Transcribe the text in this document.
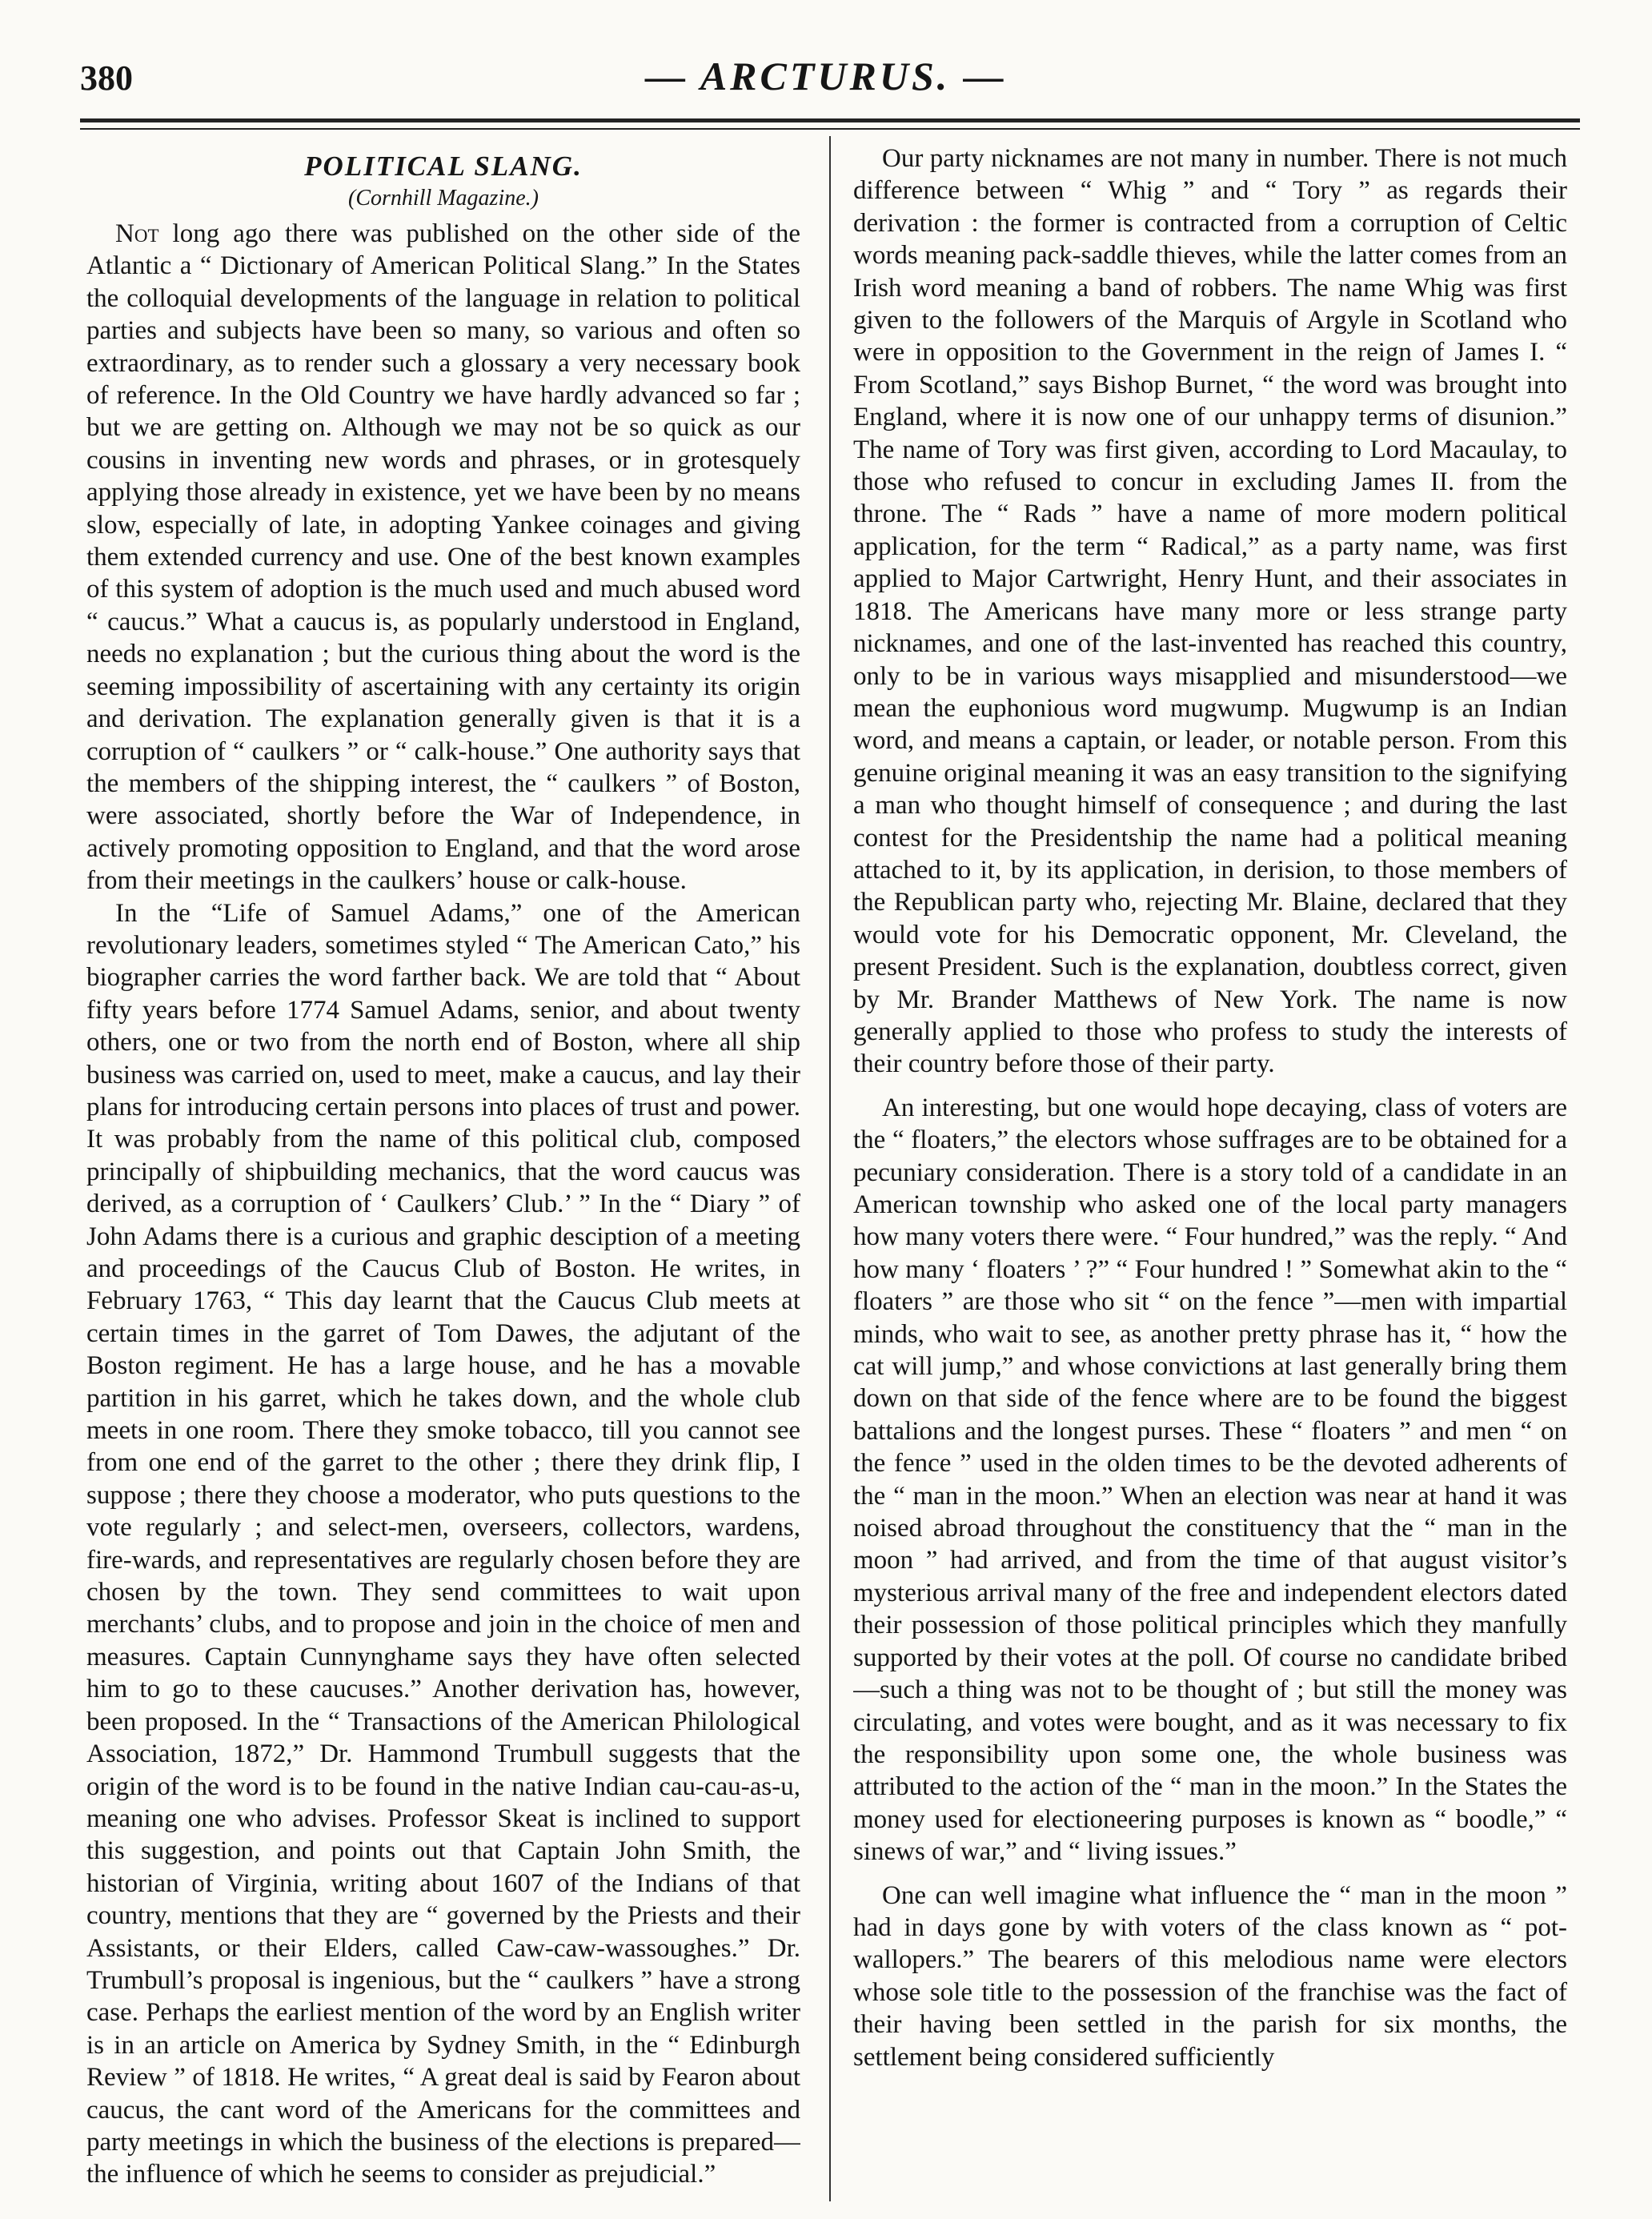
380	— ARCTURUS. —
POLITICAL SLANG.
(Cornhill Magazine.)

Not long ago there was published on the other side of the Atlantic a “ Dictionary of American Political Slang.” In the States the colloquial developments of the language in relation to political parties and subjects have been so many, so various and often so extraordinary, as to render such a glossary a very necessary book of reference. In the Old Country we have hardly advanced so far ; but we are getting on. Although we may not be so quick as our cousins in inventing new words and phrases, or in grotesquely applying those already in existence, yet we have been by no means slow, especially of late, in adopting Yankee coinages and giving them extended currency and use. One of the best known examples of this system of adoption is the much used and much abused word “ caucus.” What a caucus is, as popularly understood in England, needs no explanation ; but the curious thing about the word is the seeming impossibility of ascertaining with any certainty its origin and derivation. The explanation generally given is that it is a corruption of “ caulkers ” or “ calk-house.” One authority says that the members of the shipping interest, the “ caulkers ” of Boston, were associated, shortly before the War of Independence, in actively promoting opposition to England, and that the word arose from their meetings in the caulkers’ house or calk-house.

In the “Life of Samuel Adams,” one of the American revolutionary leaders, sometimes styled “ The American Cato,” his biographer carries the word farther back. We are told that “ About fifty years before 1774 Samuel Adams, senior, and about twenty others, one or two from the north end of Boston, where all ship business was carried on, used to meet, make a caucus, and lay their plans for introducing certain persons into places of trust and power. It was probably from the name of this political club, composed principally of shipbuilding mechanics, that the word caucus was derived, as a corruption of ‘ Caulkers’ Club.’ ” In the “ Diary ” of John Adams there is a curious and graphic desciption of a meeting and proceedings of the Caucus Club of Boston. He writes, in February 1763, “ This day learnt that the Caucus Club meets at certain times in the garret of Tom Dawes, the adjutant of the Boston regiment. He has a large house, and he has a movable partition in his garret, which he takes down, and the whole club meets in one room. There they smoke tobacco, till you cannot see from one end of the garret to the other ; there they drink flip, I suppose ; there they choose a moderator, who puts questions to the vote regularly ; and select-men, overseers, collectors, wardens, fire-wards, and representatives are regularly chosen before they are chosen by the town. They send committees to wait upon merchants’ clubs, and to propose and join in the choice of men and measures. Captain Cunnynghame says they have often selected him to go to these caucuses.” Another derivation has, however, been proposed. In the “ Transactions of the American Philological Association, 1872,” Dr. Hammond Trumbull suggests that the origin of the word is to be found in the native Indian cau-cau-as-u, meaning one who advises. Professor Skeat is inclined to support this suggestion, and points out that Captain John Smith, the historian of Virginia, writing about 1607 of the Indians of that country, mentions that they are “ governed by the Priests and their Assistants, or their Elders, called Caw-caw-wassoughes.” Dr. Trumbull’s proposal is ingenious, but the “ caulkers ” have a strong case. Perhaps the earliest mention of the word by an English writer is in an article on America by Sydney Smith, in the “ Edinburgh Review ” of 1818. He writes, “ A great deal is said by Fearon about caucus, the cant word of the Americans for the committees and party meetings in which the business of the elections is prepared—the influence of which he seems to consider as prejudicial.”

Our party nicknames are not many in number. There is not much difference between “ Whig ” and “ Tory ” as regards their derivation : the former is contracted from a corruption of Celtic words meaning pack-saddle thieves, while the latter comes from an Irish word meaning a band of robbers. The name Whig was first given to the followers of the Marquis of Argyle in Scotland who were in opposition to the Government in the reign of James I. “ From Scotland,” says Bishop Burnet, “ the word was brought into England, where it is now one of our unhappy terms of disunion.” The name of Tory was first given, according to Lord Macaulay, to those who refused to concur in excluding James II. from the throne. The “ Rads ” have a name of more modern political application, for the term “ Radical,” as a party name, was first applied to Major Cartwright, Henry Hunt, and their associates in 1818. The Americans have many more or less strange party nicknames, and one of the last-invented has reached this country, only to be in various ways misapplied and misunderstood—we mean the euphonious word mugwump. Mugwump is an Indian word, and means a captain, or leader, or notable person. From this genuine original meaning it was an easy transition to the signifying a man who thought himself of consequence ; and during the last contest for the Presidentship the name had a political meaning attached to it, by its application, in derision, to those members of the Republican party who, rejecting Mr. Blaine, declared that they would vote for his Democratic opponent, Mr. Cleveland, the present President. Such is the explanation, doubtless correct, given by Mr. Brander Matthews of New York. The name is now generally applied to those who profess to study the interests of their country before those of their party.

An interesting, but one would hope decaying, class of voters are the “ floaters,” the electors whose suffrages are to be obtained for a pecuniary consideration. There is a story told of a candidate in an American township who asked one of the local party managers how many voters there were. “ Four hundred,” was the reply. “ And how many ‘ floaters ’ ?” “ Four hundred ! ” Somewhat akin to the “ floaters ” are those who sit “ on the fence ”—men with impartial minds, who wait to see, as another pretty phrase has it, “ how the cat will jump,” and whose convictions at last generally bring them down on that side of the fence where are to be found the biggest battalions and the longest purses. These “ floaters ” and men “ on the fence ” used in the olden times to be the devoted adherents of the “ man in the moon.” When an election was near at hand it was noised abroad throughout the constituency that the “ man in the moon ” had arrived, and from the time of that august visitor’s mysterious arrival many of the free and independent electors dated their possession of those political principles which they manfully supported by their votes at the poll. Of course no candidate bribed—such a thing was not to be thought of ; but still the money was circulating, and votes were bought, and as it was necessary to fix the responsibility upon some one, the whole business was attributed to the action of the “ man in the moon.” In the States the money used for electioneering purposes is known as “ boodle,” “ sinews of war,” and “ living issues.”

One can well imagine what influence the “ man in the moon ” had in days gone by with voters of the class known as “ pot-wallopers.” The bearers of this melodious name were electors whose sole title to the possession of the franchise was the fact of their having been settled in the parish for six months, the settlement being considered sufficiently
